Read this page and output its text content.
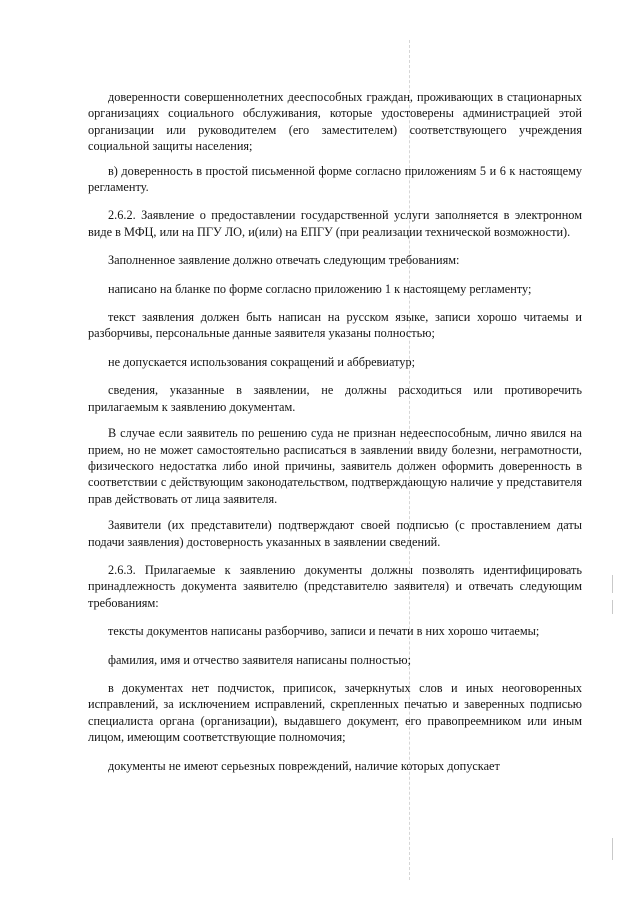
доверенности совершеннолетних дееспособных граждан, проживающих в стационарных организациях социального обслуживания, которые удостоверены администрацией этой организации или руководителем (его заместителем) соответствующего учреждения социальной защиты населения;

в) доверенность в простой письменной форме согласно приложениям 5 и 6 к настоящему регламенту.

2.6.2. Заявление о предоставлении государственной услуги заполняется в электронном виде в МФЦ, или на ПГУ ЛО, и(или) на ЕПГУ (при реализации технической возможности).

Заполненное заявление должно отвечать следующим требованиям:

написано на бланке по форме согласно приложению 1 к настоящему регламенту;

текст заявления должен быть написан на русском языке, записи хорошо читаемы и разборчивы, персональные данные заявителя указаны полностью;

не допускается использования сокращений и аббревиатур;

сведения, указанные в заявлении, не должны расходиться или противоречить прилагаемым к заявлению документам.

В случае если заявитель по решению суда не признан недееспособным, лично явился на прием, но не может самостоятельно расписаться в заявлении ввиду болезни, неграмотности, физического недостатка либо иной причины, заявитель должен оформить доверенность в соответствии с действующим законодательством, подтверждающую наличие у представителя прав действовать от лица заявителя.

Заявители (их представители) подтверждают своей подписью (с проставлением даты подачи заявления) достоверность указанных в заявлении сведений.

2.6.3. Прилагаемые к заявлению документы должны позволять идентифицировать принадлежность документа заявителю (представителю заявителя) и отвечать следующим требованиям:

тексты документов написаны разборчиво, записи и печати в них хорошо читаемы;

фамилия, имя и отчество заявителя написаны полностью;

в документах нет подчисток, приписок, зачеркнутых слов и иных неоговоренных исправлений, за исключением исправлений, скрепленных печатью и заверенных подписью специалиста органа (организации), выдавшего документ, его правопреемником или иным лицом, имеющим соответствующие полномочия;

документы не имеют серьезных повреждений, наличие которых допускает
